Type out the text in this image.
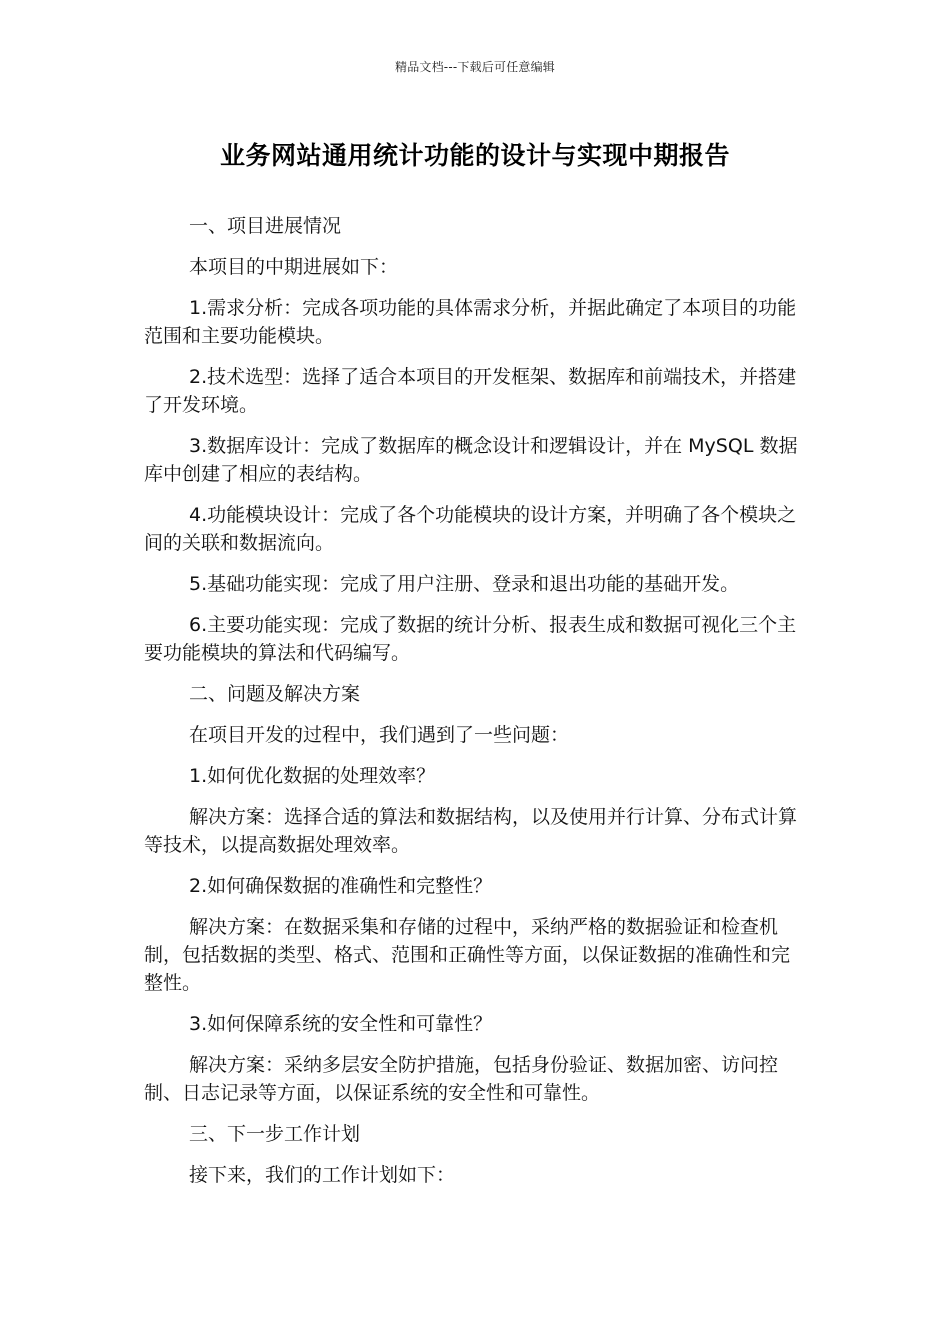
精品文档---下载后可任意编辑
业务网站通用统计功能的设计与实现中期报告

一、项目进展情况

本项目的中期进展如下：

1.需求分析：完成各项功能的具体需求分析，并据此确定了本项目的功能范围和主要功能模块。

2.技术选型：选择了适合本项目的开发框架、数据库和前端技术，并搭建了开发环境。

3.数据库设计：完成了数据库的概念设计和逻辑设计，并在 MySQL 数据库中创建了相应的表结构。

4.功能模块设计：完成了各个功能模块的设计方案，并明确了各个模块之间的关联和数据流向。

5.基础功能实现：完成了用户注册、登录和退出功能的基础开发。

6.主要功能实现：完成了数据的统计分析、报表生成和数据可视化三个主要功能模块的算法和代码编写。

二、问题及解决方案

在项目开发的过程中，我们遇到了一些问题：

1.如何优化数据的处理效率？

解决方案：选择合适的算法和数据结构，以及使用并行计算、分布式计算等技术，以提高数据处理效率。

2.如何确保数据的准确性和完整性？

解决方案：在数据采集和存储的过程中，采纳严格的数据验证和检查机制，包括数据的类型、格式、范围和正确性等方面，以保证数据的准确性和完整性。

3.如何保障系统的安全性和可靠性？

解决方案：采纳多层安全防护措施，包括身份验证、数据加密、访问控制、日志记录等方面，以保证系统的安全性和可靠性。

三、下一步工作计划

接下来，我们的工作计划如下：
